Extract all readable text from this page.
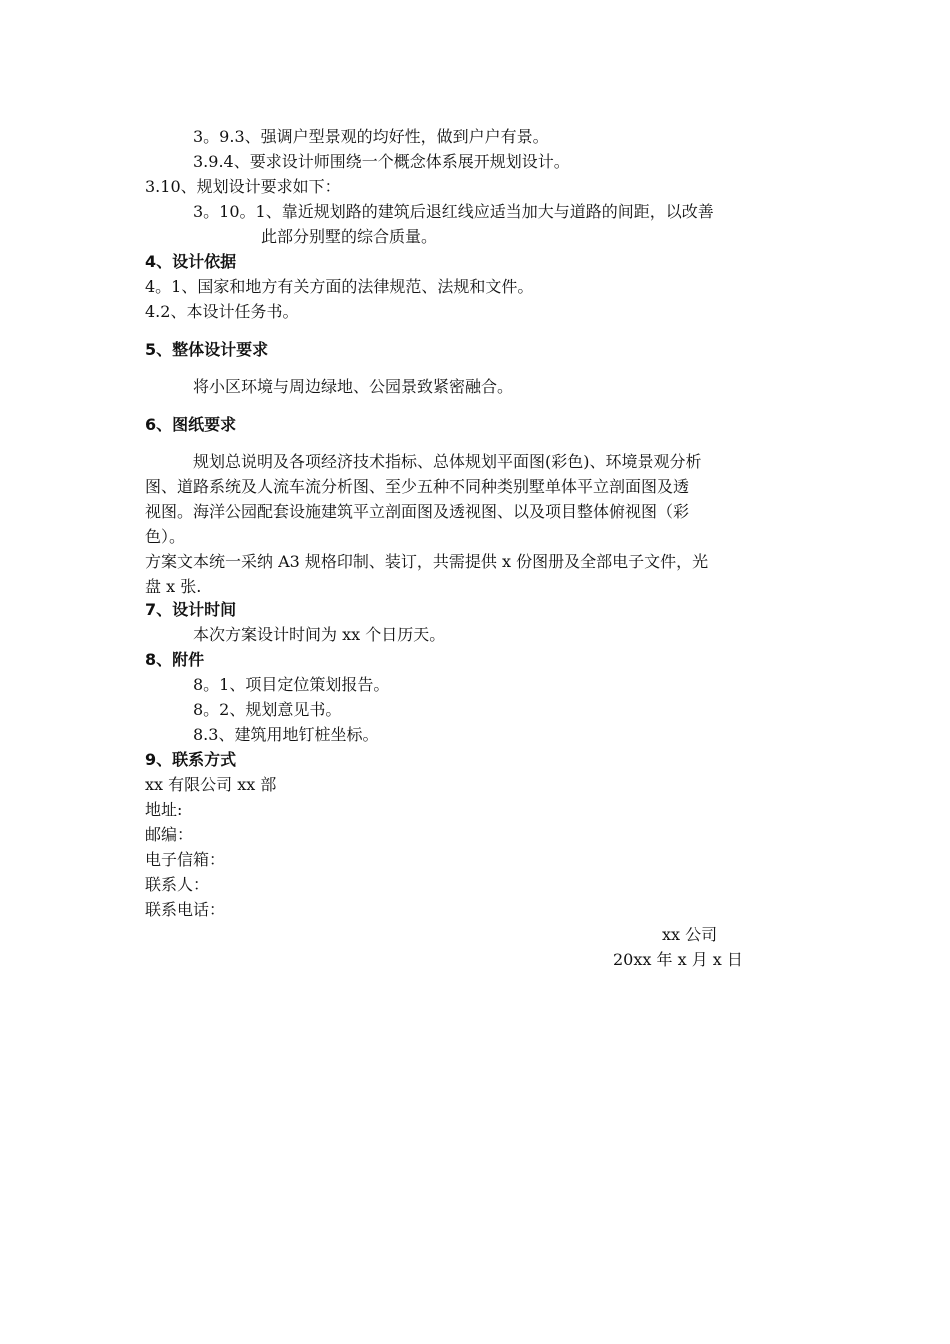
3。9.3、强调户型景观的均好性，做到户户有景。
3.9.4、要求设计师围绕一个概念体系展开规划设计。
3.10、规划设计要求如下：
3。10。1、靠近规划路的建筑后退红线应适当加大与道路的间距，以改善
此部分别墅的综合质量。
4、设计依据
4。1、国家和地方有关方面的法律规范、法规和文件。
4.2、本设计任务书。
5、整体设计要求
将小区环境与周边绿地、公园景致紧密融合。
6、图纸要求
规划总说明及各项经济技术指标、总体规划平面图(彩色)、环境景观分析
图、道路系统及人流车流分析图、至少五种不同种类别墅单体平立剖面图及透
视图。海洋公园配套设施建筑平立剖面图及透视图、以及项目整体俯视图（彩
色）。
方案文本统一采纳 A3 规格印制、装订，共需提供 x 份图册及全部电子文件，光
盘 x 张.
7、设计时间
本次方案设计时间为 xx 个日历天。
8、附件
8。1、项目定位策划报告。
8。2、规划意见书。
8.3、建筑用地钉桩坐标。
9、联系方式
xx 有限公司 xx 部
地址:
邮编：
电子信箱：
联系人：
联系电话：
xx 公司
20xx 年 x 月 x 日
